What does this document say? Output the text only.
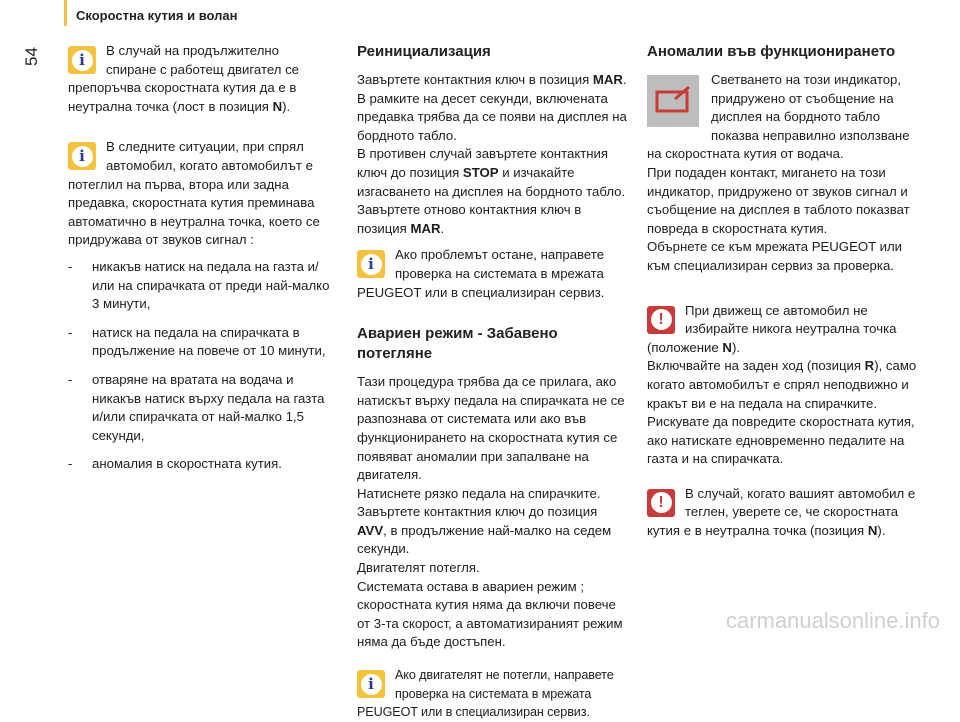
Скоростна кутия и волан
54	i	В случай на продължително спиране с работещ двигател се препоръчва скоростната кутия да е в неутрална точка (лост в позиция N).

i	В следните ситуации, при спрял автомобил, когато автомобилът е потеглил на първа, втора или задна предавка, скоростната кутия преминава автоматично в неутрална точка, което се придружава от звуков сигнал :

-	никакъв натиск на педала на газта и/или на спирачката от преди най-малко 3 минути,
-	натиск на педала на спирачката в продължение на повече от 10 минути,
-	отваряне на вратата на водача и никакъв натиск върху педала на газта и/или спирачката от най-малко 1,5 секунди,
-	аномалия в скоростната кутия.
Реинициализация

Завъртете контактния ключ в позиция MAR.

В рамките на десет секунди, включената предавка трябва да се появи на дисплея на бордното табло.

В противен случай завъртете контактния ключ до позиция STOP и изчакайте изгасването на дисплея на бордното табло.

Завъртете отново контактния ключ в позиция MAR.

i	Ако проблемът остане, направете проверка на системата в мрежата PEUGEOT или в специализиран сервиз.

Авариен режим - Забавено потегляне

Тази процедура трябва да се прилага, ако натискът върху педала на спирачката не се разпознава от системата или ако във функционирането на скоростната кутия се появяват аномалии при запалване на двигателя.

Натиснете рязко педала на спирачките.

Завъртете контактния ключ до позиция AVV, в продължение най-малко на седем секунди.

Двигателят потегля.

Системата остава в авариен режим ; скоростната кутия няма да включи повече от 3-та скорост, а автоматизираният режим няма да бъде достъпен.

i	Ако двигателят не потегли, направете проверка на системата в мрежата PEUGEOT или в специализиран сервиз.

Аномалии във функционирането

Светването на този индикатор, придружено от съобщение на дисплея на бордното табло показва неправилно използване на скоростната кутия от водача.

При подаден контакт, мигането на този индикатор, придружено от звуков сигнал и съобщение на дисплея в таблото показват повреда в скоростната кутия.

Обърнете се към мрежата PEUGEOT или към специализиран сервиз за проверка.

!

При движещ се автомобил не избирайте никога неутрална точка (положение N).

Включвайте на заден ход (позиция R), само когато автомобилът е спрял неподвижно и кракът ви е на педала на спирачките.

Рискувате да повредите скоростната кутия, ако натискате едновременно педалите на газта и на спирачката.

!

В случай, когато вашият автомобил е теглен, уверете се, че скоростната кутия е в неутрална точка (позиция N).

carmanualsonline.info
